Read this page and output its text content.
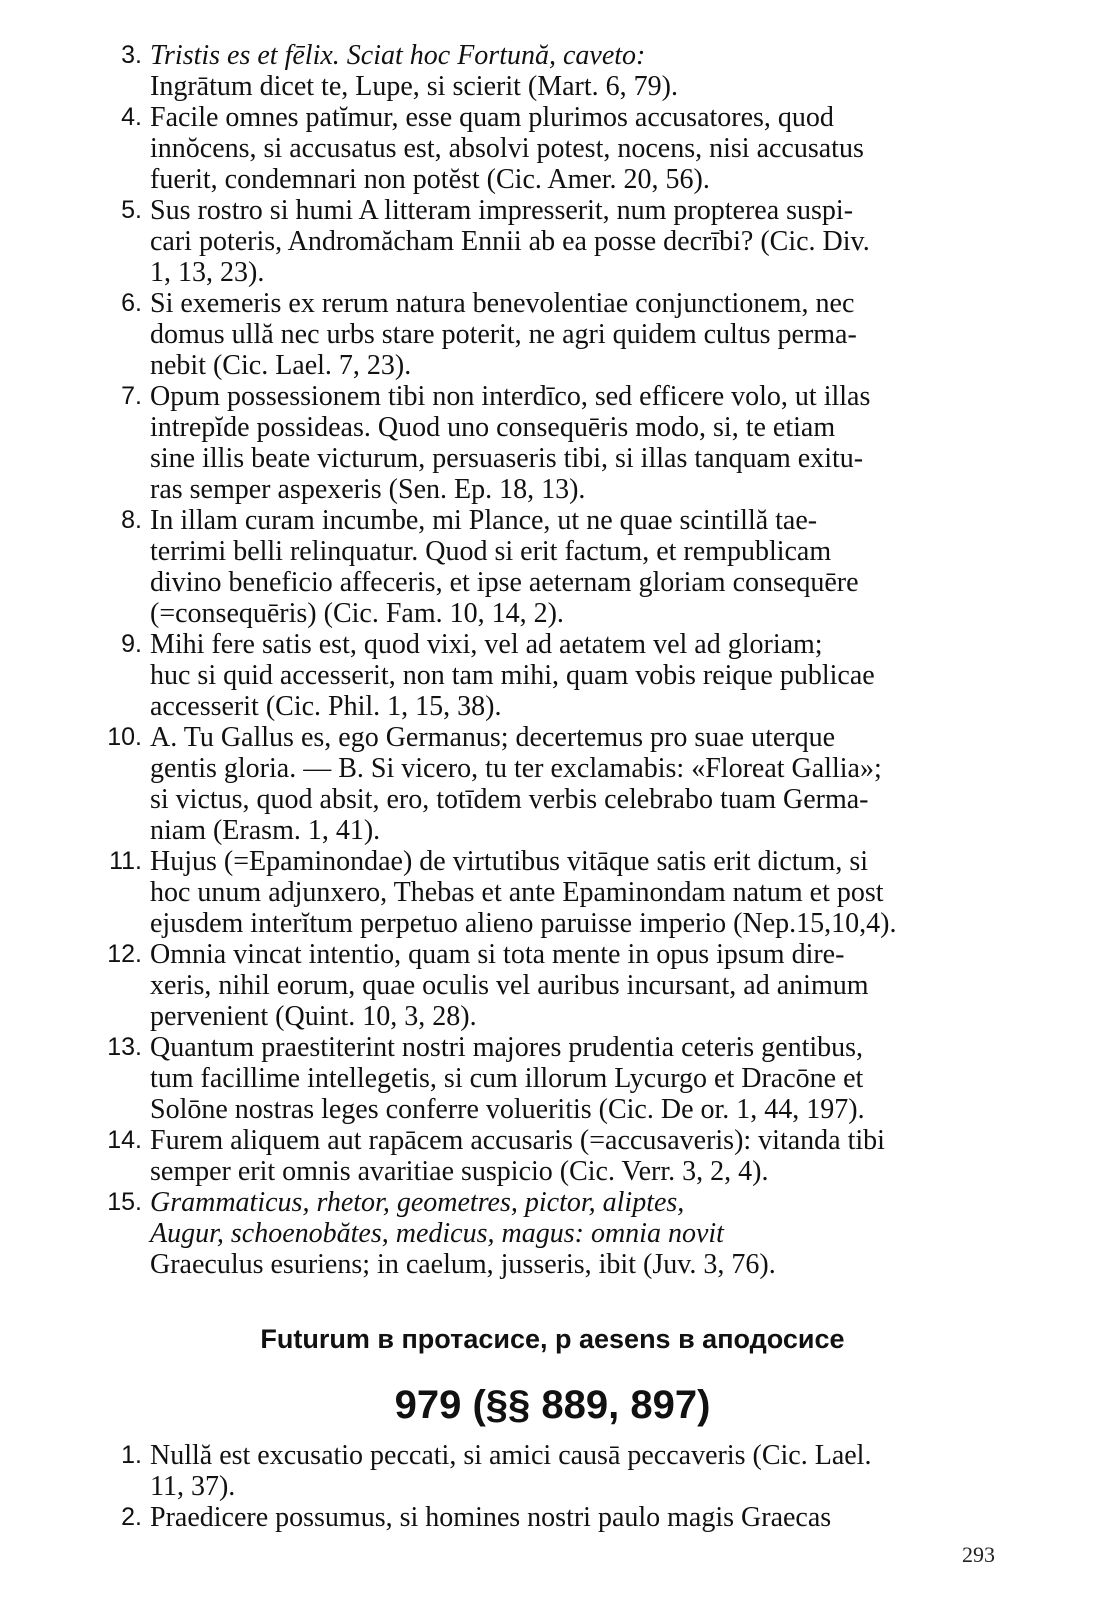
3. Tristis es et fēlix. Sciat hoc Fortună, caveto:
Ingrātum dicet te, Lupe, si scierit (Mart. 6, 79).
4. Facile omnes patĭmur, esse quam plurimos accusatores, quod
innŏcens, si accusatus est, absolvi potest, nocens, nisi accusatus
fuerit, condemnari non potĕst (Cic. Amer. 20, 56).
5. Sus rostro si humi A litteram impresserit, num propterea suspi-
cari poteris, Andromăcham Ennii ab ea posse decrībi? (Cic. Div.
1, 13, 23).
6. Si exemeris ex rerum natura benevolentiae conjunctionem, nec
domus ullă nec urbs stare poterit, ne agri quidem cultus perma-
nebit (Cic. Lael. 7, 23).
7. Opum possessionem tibi non interdīco, sed efficere volo, ut illas
intrepĭde possideas. Quod uno consequēris modo, si, te etiam
sine illis beate victurum, persuaseris tibi, si illas tanquam exitu-
ras semper aspexeris (Sen. Ep. 18, 13).
8. In illam curam incumbe, mi Plance, ut ne quae scintillă tae-
terrimi belli relinquatur. Quod si erit factum, et rempublicam
divino beneficio affeceris, et ipse aeternam gloriam consequēre
(=consequēris) (Cic. Fam. 10, 14, 2).
9. Mihi fere satis est, quod vixi, vel ad aetatem vel ad gloriam;
huc si quid accesserit, non tam mihi, quam vobis reique publicae
accesserit (Cic. Phil. 1, 15, 38).
10. A. Tu Gallus es, ego Germanus; decertemus pro suae uterque
gentis gloria. — B. Si vicero, tu ter exclamabis: «Floreat Gallia»;
si victus, quod absit, ero, totīdem verbis celebrabo tuam Germa-
niam (Erasm. 1, 41).
11. Hujus (=Epaminondae) de virtutibus vitāque satis erit dictum, si
hoc unum adjunxero, Thebas et ante Epaminondam natum et post
ejusdem interĭtum perpetuo alieno paruisse imperio (Nep.15,10,4).
12. Omnia vincat intentio, quam si tota mente in opus ipsum dire-
xeris, nihil eorum, quae oculis vel auribus incursant, ad animum
pervenient (Quint. 10, 3, 28).
13. Quantum praestiterint nostri majores prudentia ceteris gentibus,
tum facillime intellegetis, si cum illorum Lycurgo et Dracōne et
Solōne nostras leges conferre volueritis (Cic. De or. 1, 44, 197).
14. Furem aliquem aut rapācem accusaris (=accusaveris): vitanda tibi
semper erit omnis avaritiae suspicio (Cic. Verr. 3, 2, 4).
15. Grammaticus, rhetor, geometres, pictor, aliptes,
Augur, schoenobătes, medicus, magus: omnia novit
Graeculus esuriens; in caelum, jusseris, ibit (Juv. 3, 76).
Futurum в протасисе, p aesens в аподосисе
979 (§§ 889, 897)
1. Nullă est excusatio peccati, si amici causā peccaveris (Cic. Lael.
11, 37).
2. Praedicere possumus, si homines nostri paulo magis Graecas
293
